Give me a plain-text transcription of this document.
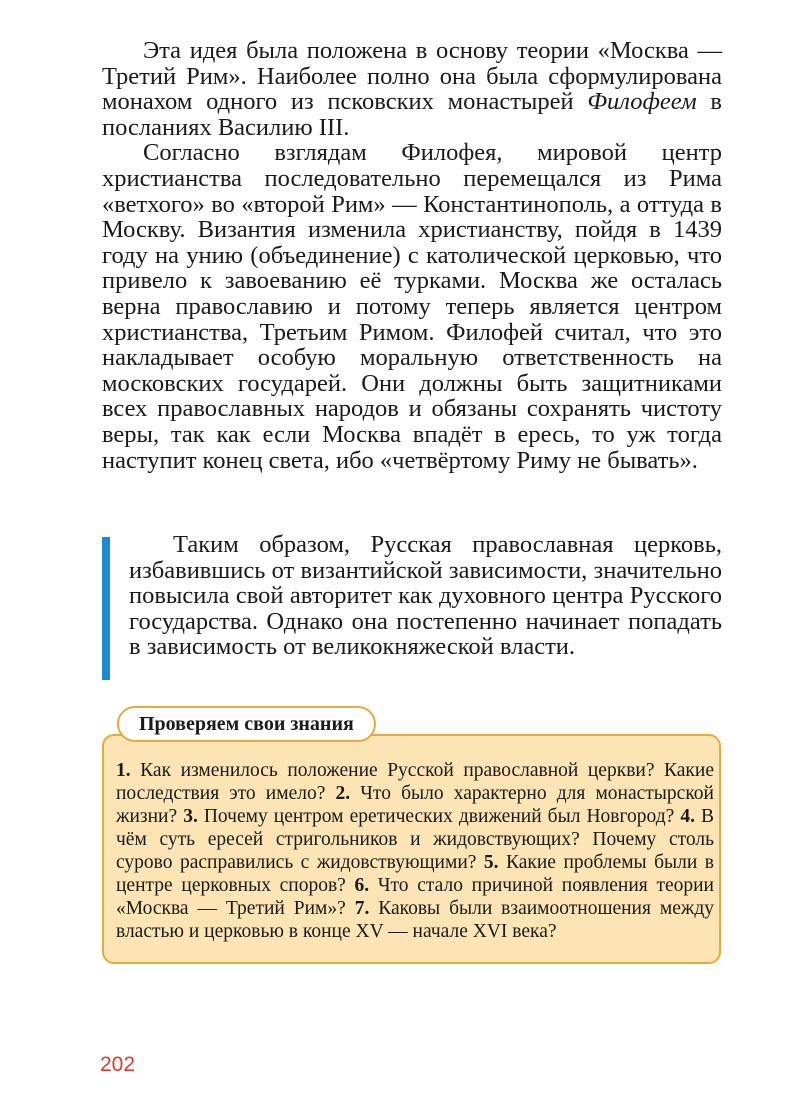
Эта идея была положена в основу теории «Москва — Третий Рим». Наиболее полно она была сформулирована монахом одного из псковских монастырей Филофеем в посланиях Василию III.

Согласно взглядам Филофея, мировой центр христианства последовательно перемещался из Рима «ветхого» во «второй Рим» — Константинополь, а оттуда в Москву. Византия изменила христианству, пойдя в 1439 году на унию (объединение) с католической церковью, что привело к завоеванию её турками. Москва же осталась верна православию и потому теперь является центром христианства, Третьим Римом. Филофей считал, что это накладывает особую моральную ответственность на московских государей. Они должны быть защитниками всех православных народов и обязаны сохранять чистоту веры, так как если Москва впадёт в ересь, то уж тогда наступит конец света, ибо «четвёртому Риму не бывать».

Таким образом, Русская православная церковь, избавившись от византийской зависимости, значительно повысила свой авторитет как духовного центра Русского государства. Однако она постепенно начинает попадать в зависимость от великокняжеской власти.

Проверяем свои знания

1. Как изменилось положение Русской православной церкви? Какие последствия это имело? 2. Что было характерно для монастырской жизни? 3. Почему центром еретических движений был Новгород? 4. В чём суть ересей стригольников и жидовствующих? Почему столь сурово расправились с жидовствующими? 5. Какие проблемы были в центре церковных споров? 6. Что стало причиной появления теории «Москва — Третий Рим»? 7. Каковы были взаимоотношения между властью и церковью в конце XV — начале XVI века?

202
